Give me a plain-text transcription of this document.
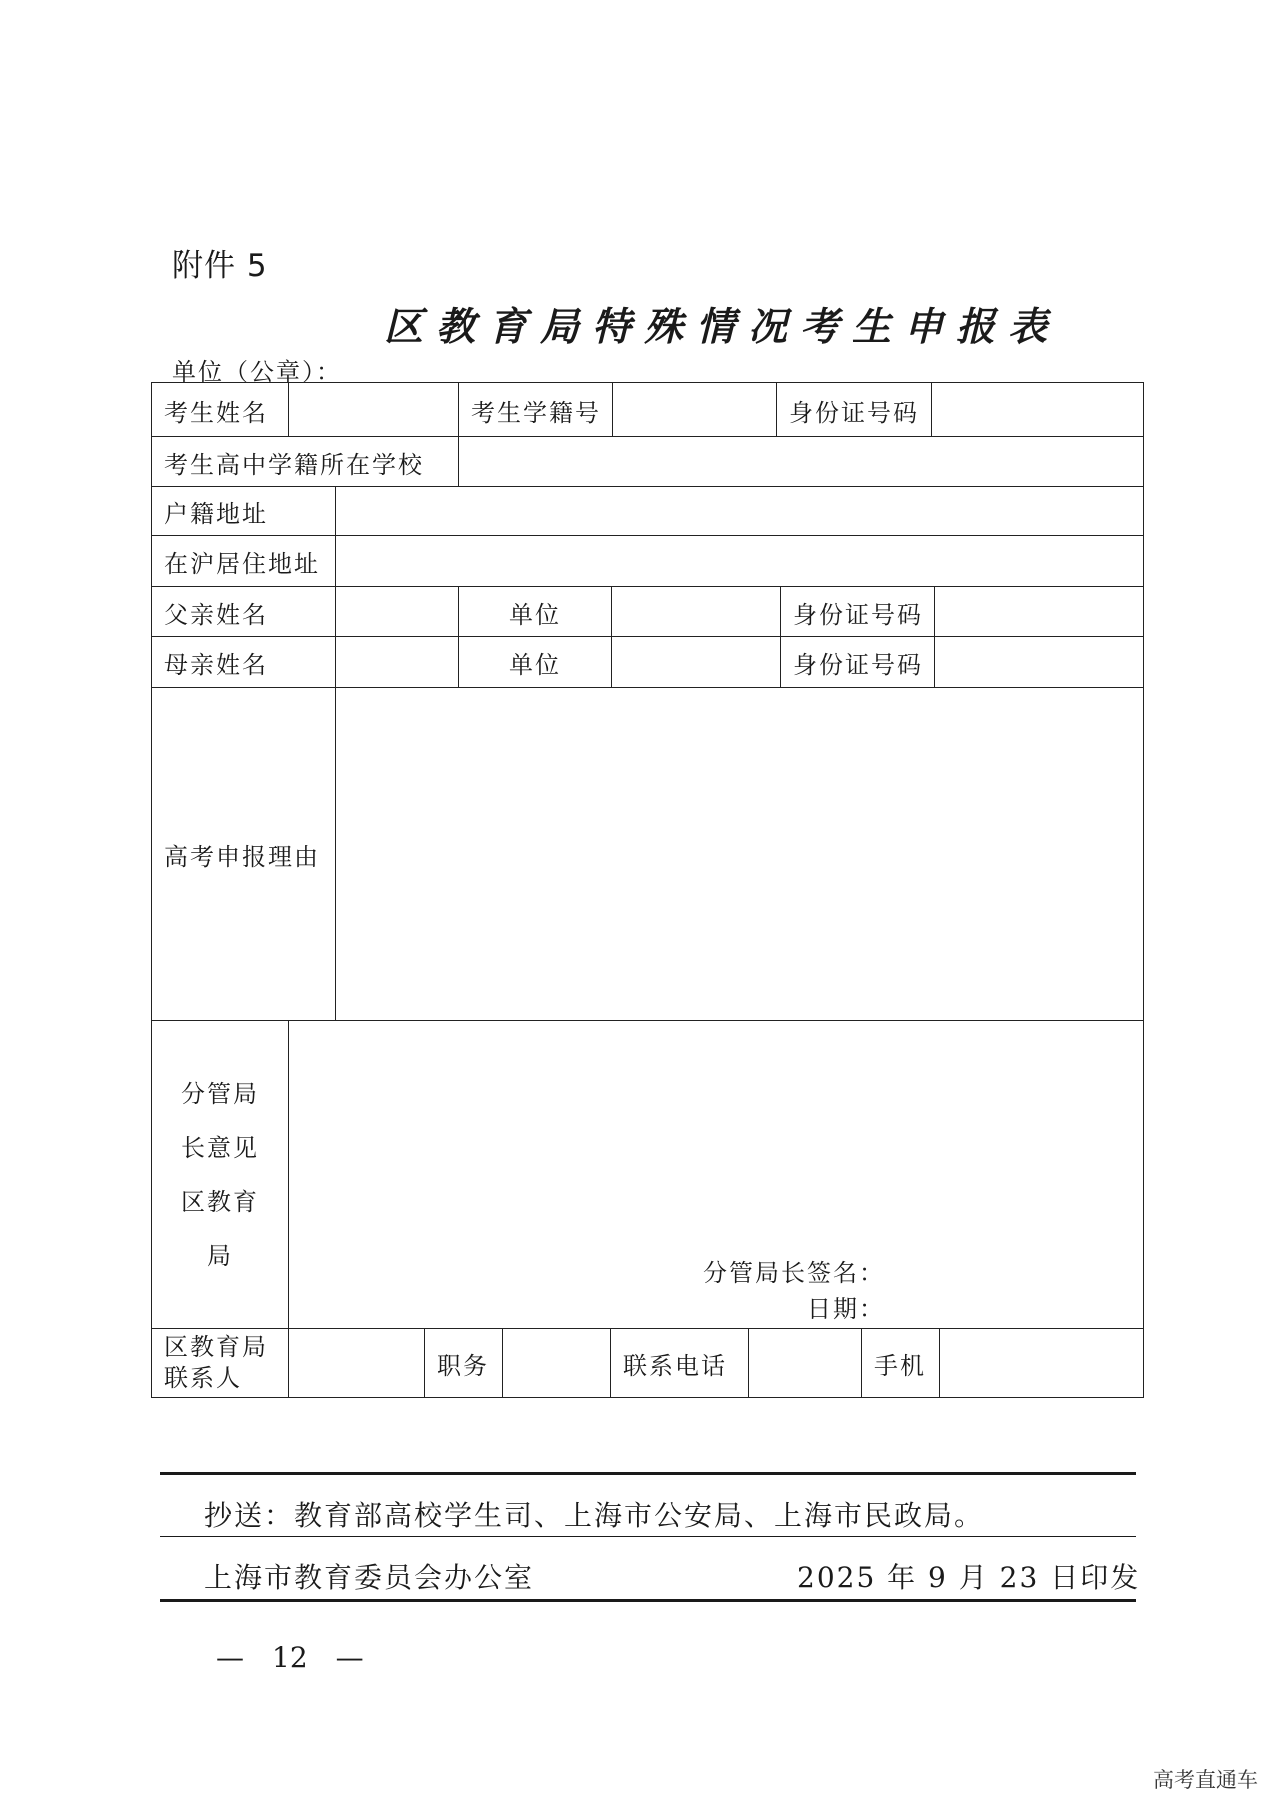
附件 5
区教育局特殊情况考生申报表
单位（公章）：
考生姓名	考生学籍号	身份证号码
考生高中学籍所在学校
户籍地址
在沪居住地址
父亲姓名	单位	身份证号码
母亲姓名	单位	身份证号码
高考申报理由
分管局
长意见
区教育
局
分管局长签名：
日期：
区教育局
联系人	职务	联系电话	手机
抄送：教育部高校学生司、上海市公安局、上海市民政局。
上海市教育委员会办公室	2025 年 9 月 23 日印发
—　12　—
高考直通车
